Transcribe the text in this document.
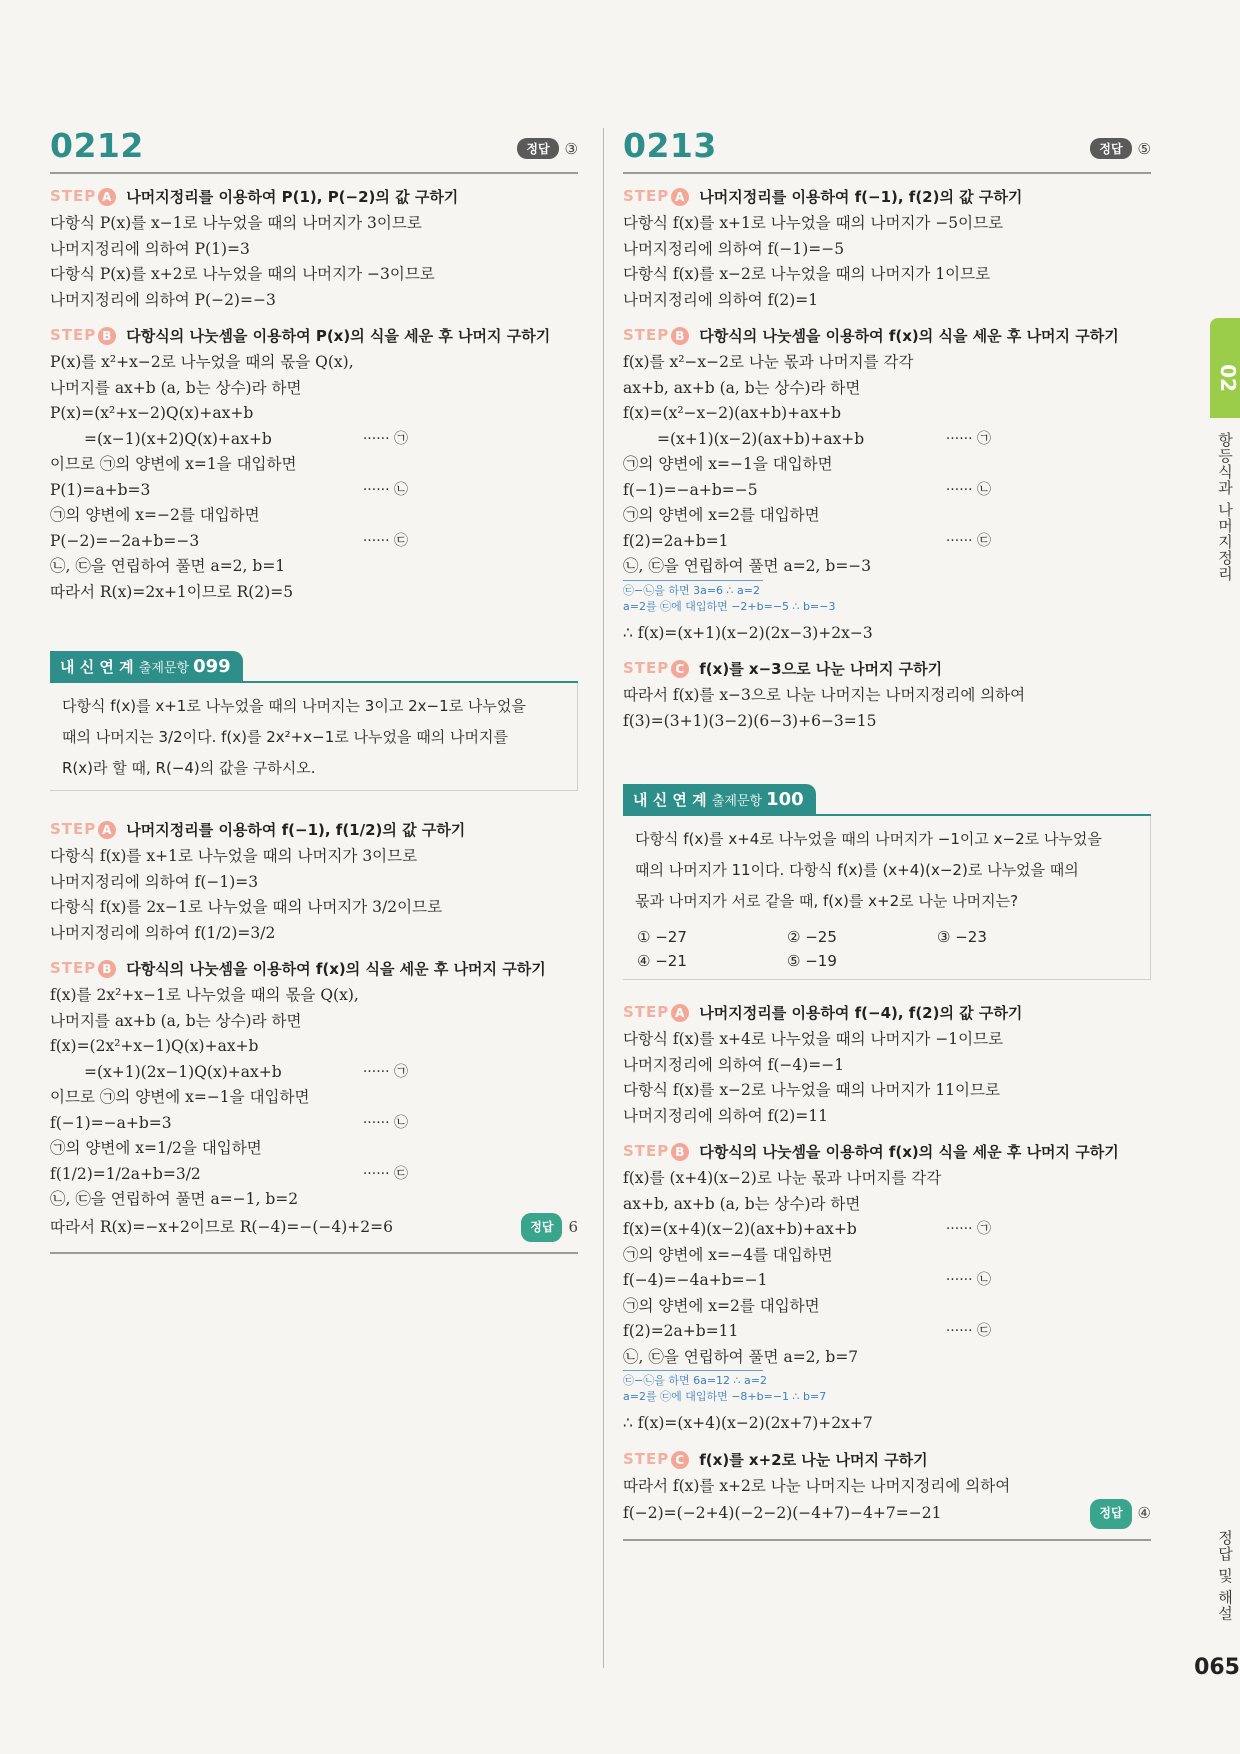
0212	정답	③
STEP A 나머지정리를 이용하여 P(1), P(−2)의 값 구하기
다항식 P(x)를 x−1로 나누었을 때의 나머지가 3이므로
나머지정리에 의하여 P(1)=3
다항식 P(x)를 x+2로 나누었을 때의 나머지가 −3이므로
나머지정리에 의하여 P(−2)=−3
STEP B 다항식의 나눗셈을 이용하여 P(x)의 식을 세운 후 나머지 구하기
P(x)를 x²+x−2로 나누었을 때의 몫을 Q(x),
나머지를 ax+b (a, b는 상수)라 하면
P(x)=(x²+x−2)Q(x)+ax+b
=(x−1)(x+2)Q(x)+ax+b	······ ㉠
이므로 ㉠의 양변에 x=1을 대입하면
P(1)=a+b=3	······ ㉡
㉠의 양변에 x=−2를 대입하면
P(−2)=−2a+b=−3	······ ㉢
㉡, ㉢을 연립하여 풀면 a=2, b=1
따라서 R(x)=2x+1이므로 R(2)=5
내 신 연 계 출제문항 099
다항식 f(x)를 x+1로 나누었을 때의 나머지는 3이고 2x−1로 나누었을
때의 나머지는 3/2이다. f(x)를 2x²+x−1로 나누었을 때의 나머지를
R(x)라 할 때, R(−4)의 값을 구하시오.
STEP A 나머지정리를 이용하여 f(−1), f(1/2)의 값 구하기
다항식 f(x)를 x+1로 나누었을 때의 나머지가 3이므로
나머지정리에 의하여 f(−1)=3
다항식 f(x)를 2x−1로 나누었을 때의 나머지가 3/2이므로
나머지정리에 의하여 f(1/2)=3/2
STEP B 다항식의 나눗셈을 이용하여 f(x)의 식을 세운 후 나머지 구하기
f(x)를 2x²+x−1로 나누었을 때의 몫을 Q(x),
나머지를 ax+b (a, b는 상수)라 하면
f(x)=(2x²+x−1)Q(x)+ax+b
=(x+1)(2x−1)Q(x)+ax+b	······ ㉠
이므로 ㉠의 양변에 x=−1을 대입하면
f(−1)=−a+b=3	······ ㉡
㉠의 양변에 x=1/2을 대입하면
f(1/2)=1/2a+b=3/2	······ ㉢
㉡, ㉢을 연립하여 풀면 a=−1, b=2
따라서 R(x)=−x+2이므로 R(−4)=−(−4)+2=6	정답	6
0213	정답	⑤
STEP A 나머지정리를 이용하여 f(−1), f(2)의 값 구하기
다항식 f(x)를 x+1로 나누었을 때의 나머지가 −5이므로
나머지정리에 의하여 f(−1)=−5
다항식 f(x)를 x−2로 나누었을 때의 나머지가 1이므로
나머지정리에 의하여 f(2)=1
STEP B 다항식의 나눗셈을 이용하여 f(x)의 식을 세운 후 나머지 구하기
f(x)를 x²−x−2로 나눈 몫과 나머지를 각각
ax+b, ax+b (a, b는 상수)라 하면
f(x)=(x²−x−2)(ax+b)+ax+b
=(x+1)(x−2)(ax+b)+ax+b	······ ㉠
㉠의 양변에 x=−1을 대입하면
f(−1)=−a+b=−5	······ ㉡
㉠의 양변에 x=2를 대입하면
f(2)=2a+b=1	······ ㉢
㉡, ㉢을 연립하여 풀면 a=2, b=−3
㉢−㉡을 하면 3a=6 ∴ a=2
a=2를 ㉢에 대입하면 −2+b=−5 ∴ b=−3
∴ f(x)=(x+1)(x−2)(2x−3)+2x−3
STEP C f(x)를 x−3으로 나눈 나머지 구하기
따라서 f(x)를 x−3으로 나눈 나머지는 나머지정리에 의하여
f(3)=(3+1)(3−2)(6−3)+6−3=15
내 신 연 계 출제문항 100
다항식 f(x)를 x+4로 나누었을 때의 나머지가 −1이고 x−2로 나누었을
때의 나머지가 11이다. 다항식 f(x)를 (x+4)(x−2)로 나누었을 때의
몫과 나머지가 서로 같을 때, f(x)를 x+2로 나눈 나머지는?
① −27	② −25	③ −23
④ −21	⑤ −19
STEP A 나머지정리를 이용하여 f(−4), f(2)의 값 구하기
다항식 f(x)를 x+4로 나누었을 때의 나머지가 −1이므로
나머지정리에 의하여 f(−4)=−1
다항식 f(x)를 x−2로 나누었을 때의 나머지가 11이므로
나머지정리에 의하여 f(2)=11
STEP B 다항식의 나눗셈을 이용하여 f(x)의 식을 세운 후 나머지 구하기
f(x)를 (x+4)(x−2)로 나눈 몫과 나머지를 각각
ax+b, ax+b (a, b는 상수)라 하면
f(x)=(x+4)(x−2)(ax+b)+ax+b	······ ㉠
㉠의 양변에 x=−4를 대입하면
f(−4)=−4a+b=−1	······ ㉡
㉠의 양변에 x=2를 대입하면
f(2)=2a+b=11	······ ㉢
㉡, ㉢을 연립하여 풀면 a=2, b=7
㉢−㉡을 하면 6a=12 ∴ a=2
a=2를 ㉢에 대입하면 −8+b=−1 ∴ b=7
∴ f(x)=(x+4)(x−2)(2x+7)+2x+7
STEP C f(x)를 x+2로 나눈 나머지 구하기
따라서 f(x)를 x+2로 나눈 나머지는 나머지정리에 의하여
f(−2)=(−2+4)(−2−2)(−4+7)−4+7=−21	정답	④
02
항등식과 나머지정리
정답 및 해설
065
